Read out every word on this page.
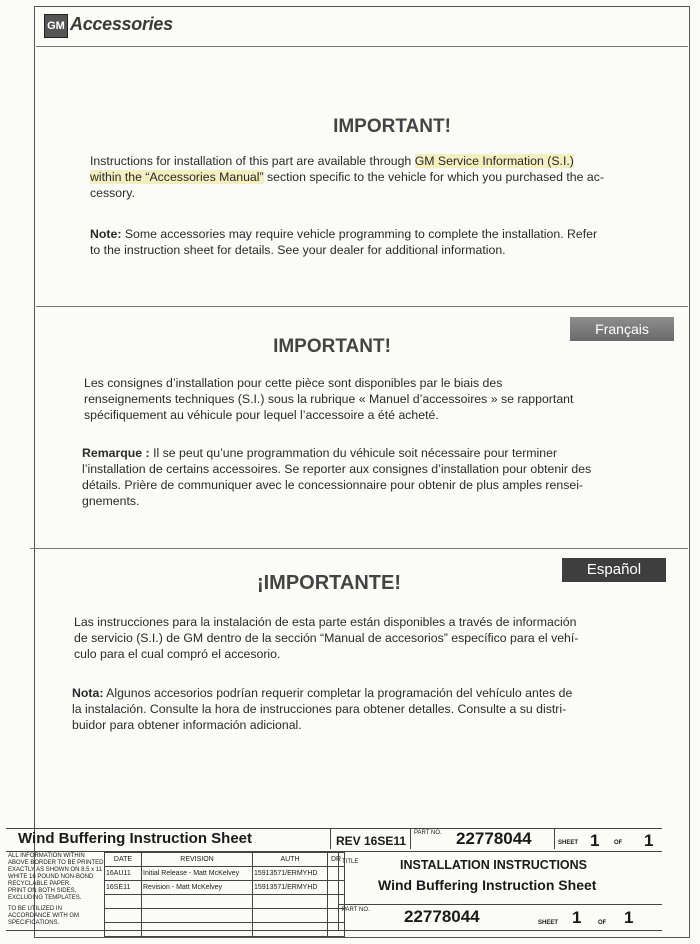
GM Accessories
IMPORTANT!

Instructions for installation of this part are available through GM Service Information (S.I.)

within the “Accessories Manual” section specific to the vehicle for which you purchased the ac-

cessory.

Note: Some accessories may require vehicle programming to complete the installation. Refer

to the instruction sheet for details. See your dealer for additional information.

Français
IMPORTANT!

Les consignes d’installation pour cette pièce sont disponibles par le biais des

renseignements techniques (S.I.) sous la rubrique « Manuel d’accessoires » se rapportant

spécifiquement au véhicule pour lequel l’accessoire a été acheté.

Remarque : Il se peut qu’une programmation du véhicule soit nécessaire pour terminer

l’installation de certains accessoires. Se reporter aux consignes d’installation pour obtenir des

détails. Prière de communiquer avec le concessionnaire pour obtenir de plus amples rensei-

gnements.

Español
¡IMPORTANTE!

Las instrucciones para la instalación de esta parte están disponibles a través de información

de servicio (S.I.) de GM dentro de la sección “Manual de accesorios” específico para el vehí-

culo para el cual compró el accesorio.

Nota: Algunos accesorios podrían requerir completar la programación del vehículo antes de

la instalación. Consulte la hora de instrucciones para obtener detalles. Consulte a su distri-

buidor para obtener información adicional.

Wind Buffering Instruction Sheet	REV 16SE11
PART NO. 22778044	SHEET 1 OF 1
ALL INFORMATION WITHIN ABOVE BORDER TO BE PRINTED EXACTLY AS SHOWN ON 8.5 x 11 WHITE 16 POUND NON-BOND RECYCLABLE PAPER.
PRINT ON BOTH SIDES, EXCLUDING TEMPLATES.
TO BE UTILIZED IN ACCORDANCE WITH GM SPECIFICATIONS.
DATE	REVISION	AUTH	DR
16AU11	Initial Release - Matt McKelvey	15913571/ERMYHD	
16SE11	Revision - Matt McKelvey	15913571/ERMYHD	

TITLE	INSTALLATION INSTRUCTIONS
Wind Buffering Instruction Sheet
PART NO. 22778044	SHEET 1	OF 1
